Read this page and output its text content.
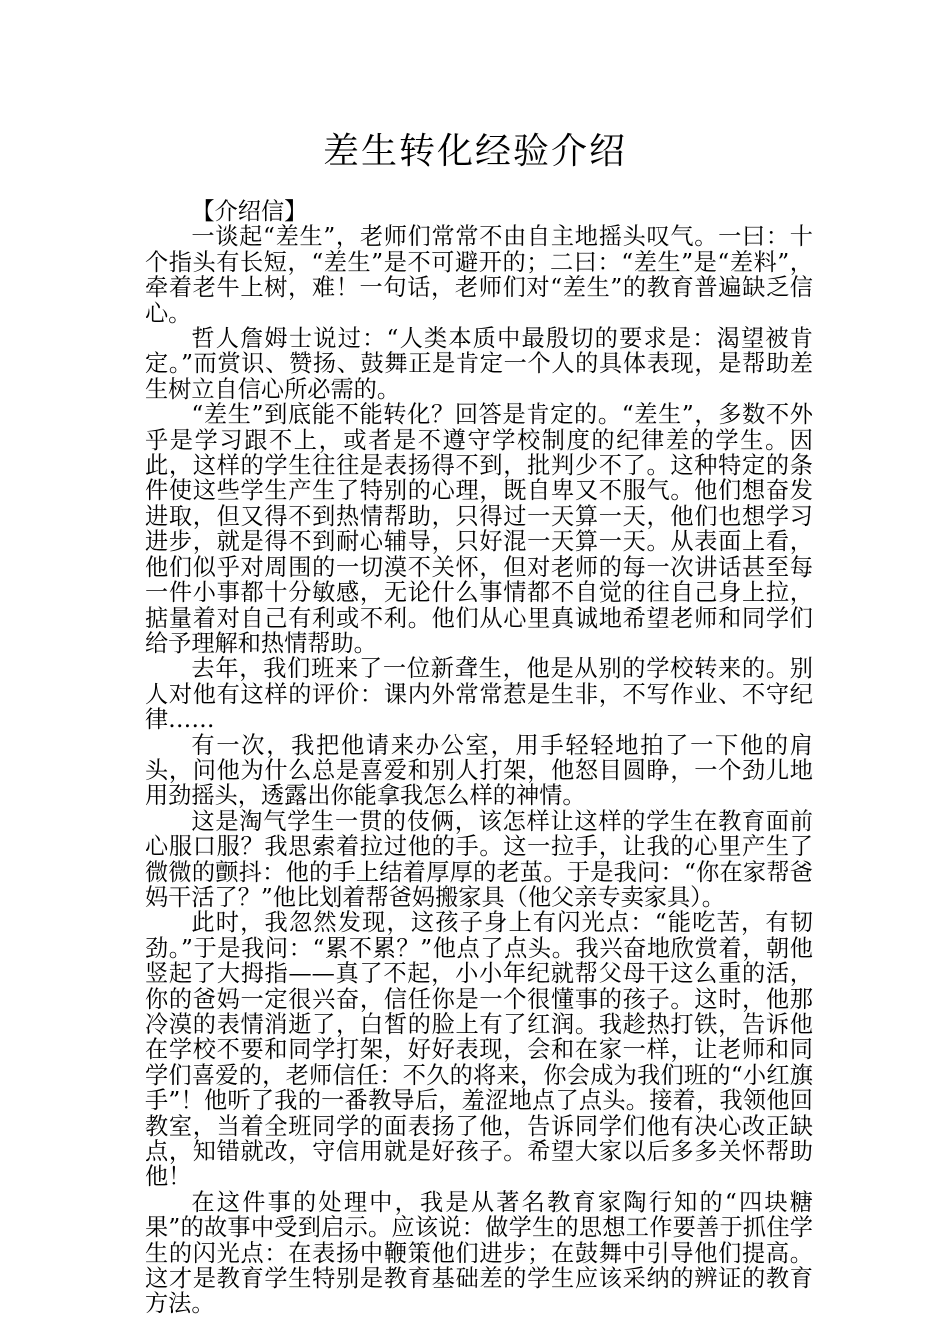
差生转化经验介绍

【介绍信】

一谈起“差生”，老师们常常不由自主地摇头叹气。一曰：十个指头有长短，“差生”是不可避开的；二曰：“差生”是“差料”，牵着老牛上树，难！一句话，老师们对“差生”的教育普遍缺乏信心。

哲人詹姆士说过：“人类本质中最殷切的要求是：渴望被肯定。”而赏识、赞扬、鼓舞正是肯定一个人的具体表现，是帮助差生树立自信心所必需的。

“差生”到底能不能转化？回答是肯定的。“差生”，多数不外乎是学习跟不上，或者是不遵守学校制度的纪律差的学生。因此，这样的学生往往是表扬得不到，批判少不了。这种特定的条件使这些学生产生了特别的心理，既自卑又不服气。他们想奋发进取，但又得不到热情帮助，只得过一天算一天，他们也想学习进步，就是得不到耐心辅导，只好混一天算一天。从表面上看，他们似乎对周围的一切漠不关怀，但对老师的每一次讲话甚至每一件小事都十分敏感，无论什么事情都不自觉的往自己身上拉，掂量着对自己有利或不利。他们从心里真诚地希望老师和同学们给予理解和热情帮助。

去年，我们班来了一位新聋生，他是从别的学校转来的。别人对他有这样的评价：课内外常常惹是生非，不写作业、不守纪律……

有一次，我把他请来办公室，用手轻轻地拍了一下他的肩头，问他为什么总是喜爱和别人打架，他怒目圆睁，一个劲儿地用劲摇头，透露出你能拿我怎么样的神情。

这是淘气学生一贯的伎俩，该怎样让这样的学生在教育面前心服口服？我思索着拉过他的手。这一拉手，让我的心里产生了微微的颤抖：他的手上结着厚厚的老茧。于是我问：“你在家帮爸妈干活了？”他比划着帮爸妈搬家具（他父亲专卖家具）。

此时，我忽然发现，这孩子身上有闪光点：“能吃苦，有韧劲。”于是我问：“累不累？”他点了点头。我兴奋地欣赏着，朝他竖起了大拇指——真了不起，小小年纪就帮父母干这么重的活，你的爸妈一定很兴奋，信任你是一个很懂事的孩子。这时，他那冷漠的表情消逝了，白皙的脸上有了红润。我趁热打铁，告诉他在学校不要和同学打架，好好表现，会和在家一样，让老师和同学们喜爱的，老师信任：不久的将来，你会成为我们班的“小红旗手”！他听了我的一番教导后，羞涩地点了点头。接着，我领他回教室，当着全班同学的面表扬了他，告诉同学们他有决心改正缺点，知错就改，守信用就是好孩子。希望大家以后多多关怀帮助他！

在这件事的处理中，我是从著名教育家陶行知的“四块糖果”的故事中受到启示。应该说：做学生的思想工作要善于抓住学生的闪光点：在表扬中鞭策他们进步；在鼓舞中引导他们提高。这才是教育学生特别是教育基础差的学生应该采纳的辨证的教育方法。
